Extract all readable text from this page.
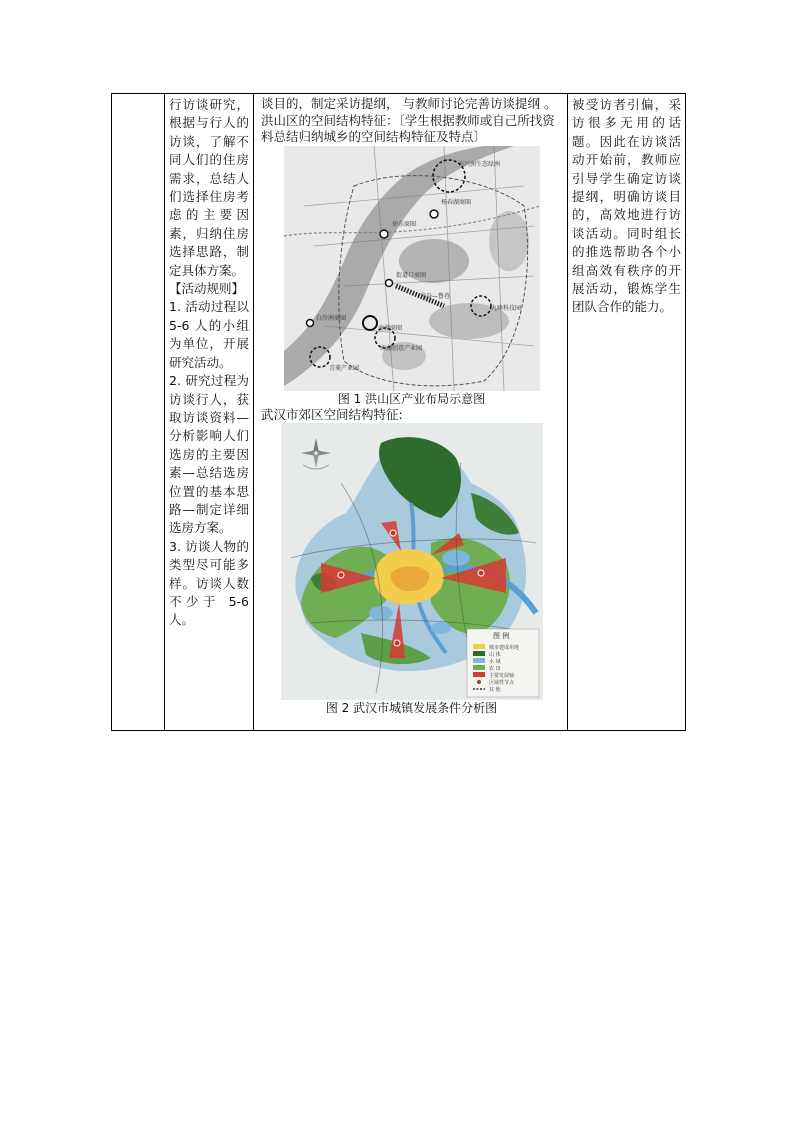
行访谈研究，根据与行人的访谈，了解不同人们的住房需求，总结人们选择住房考虑的主要因素，归纳住房选择思路，制定具体方案。

【活动规则】

1. 活动过程以 5-6 人的小组为单位，开展研究活动。

2. 研究过程为 访谈行人，获取访谈资料—分析影响人们选房的主要因素—总结选房位置的基本思路—制定详细选房方案。

3. 访谈人物的类型尽可能多样。访谈人数不少于 5-6 人。

谈目的，制定采访提纲， 与教师讨论完善访谈提纲 。

洪山区的空间结构特征：〔学生根据教师或自己所找资料总结归纳城乡的空间结构特征及特点〕

天兴洲生态绿洲
杨春湖商圈
徐东商圈
街道口商圈
光谷—鲁巷
九峰科技园
白沙洲商圈
南湖商圈
南湖创意产业园
青菱产业园

图 1 洪山区产业布局示意图

武汉市郊区空间结构特征:

图 例
城市建成用地
山 体
水 域
农 田
主要发展轴
区域性节点
其 他

图 2 武汉市城镇发展条件分析图

被受访者引偏，采访很多无用的话题。因此在访谈活动开始前，教师应引导学生确定访谈提纲，明确访谈目的，高效地进行访谈活动。同时组长的推选帮助各个小组高效有秩序的开展活动，锻炼学生团队合作的能力。
